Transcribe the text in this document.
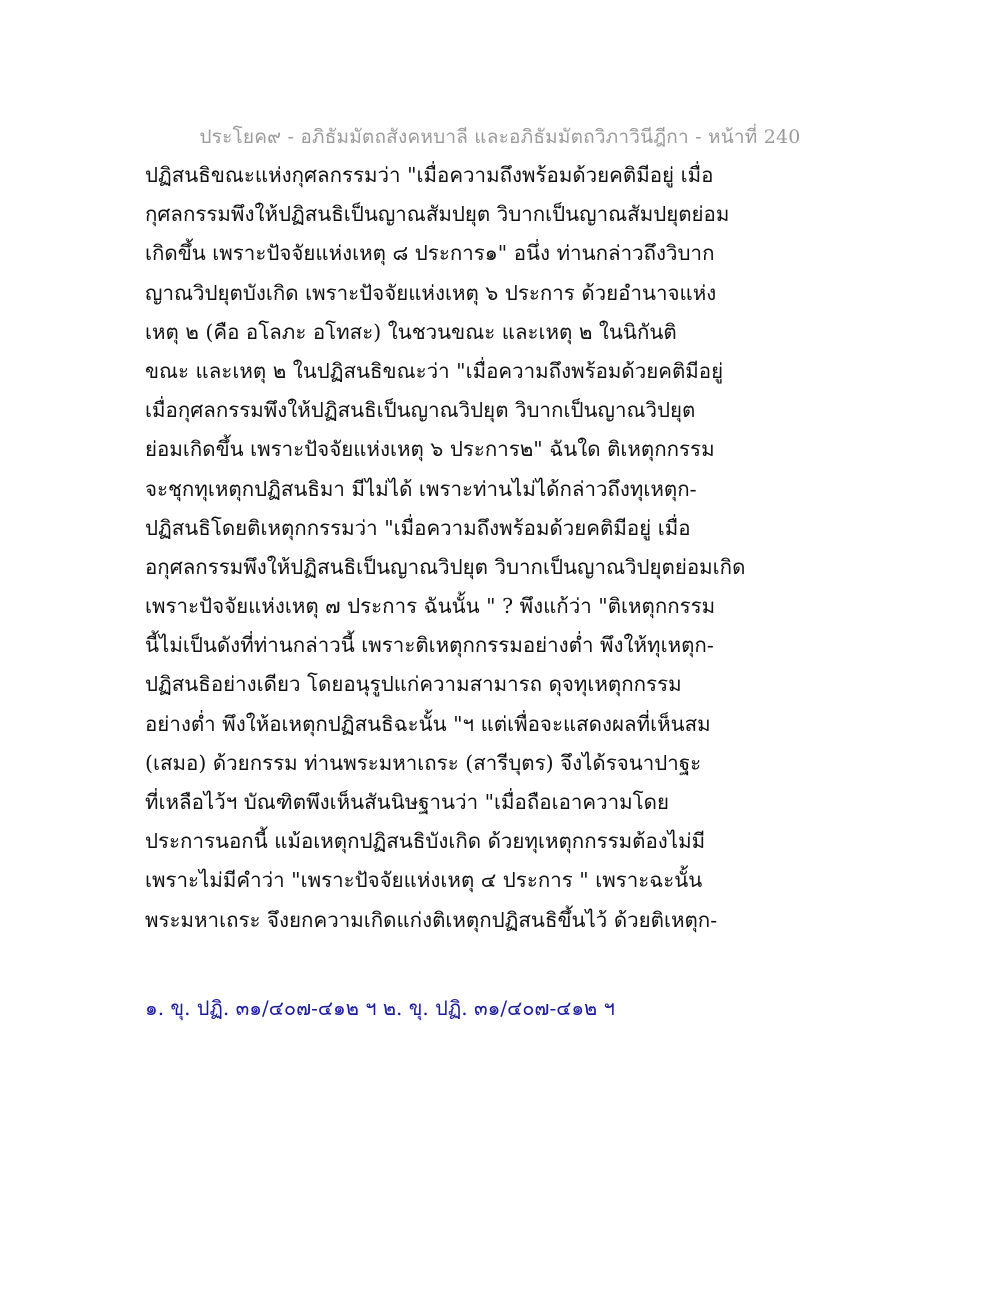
ประโยค๙ - อภิธัมมัตถสังคหบาลี และอภิธัมมัตถวิภาวินีฎีกา - หน้าที่ 240
ปฏิสนธิขณะแห่งกุศลกรรมว่า "เมื่อความถึงพร้อมด้วยคติมีอยู่ เมื่อ
กุศลกรรมพึงให้ปฏิสนธิเป็นญาณสัมปยุต วิบากเป็นญาณสัมปยุตย่อม
เกิดขึ้น เพราะปัจจัยแห่งเหตุ ๘ ประการ๑" อนึ่ง ท่านกล่าวถึงวิบาก
ญาณวิปยุตบังเกิด เพราะปัจจัยแห่งเหตุ ๖ ประการ ด้วยอำนาจแห่ง
เหตุ ๒ (คือ อโลภะ อโทสะ) ในชวนขณะ และเหตุ ๒ ในนิกันติ
ขณะ และเหตุ ๒ ในปฏิสนธิขณะว่า "เมื่อความถึงพร้อมด้วยคติมีอยู่
เมื่อกุศลกรรมพึงให้ปฏิสนธิเป็นญาณวิปยุต วิบากเป็นญาณวิปยุต
ย่อมเกิดขึ้น เพราะปัจจัยแห่งเหตุ ๖ ประการ๒" ฉันใด ติเหตุกกรรม
จะชุกทุเหตุกปฏิสนธิมา มีไม่ได้ เพราะท่านไม่ได้กล่าวถึงทุเหตุก-
ปฏิสนธิโดยติเหตุกกรรมว่า "เมื่อความถึงพร้อมด้วยคติมีอยู่ เมื่อ
อกุศลกรรมพึงให้ปฏิสนธิเป็นญาณวิปยุต วิบากเป็นญาณวิปยุตย่อมเกิด
เพราะปัจจัยแห่งเหตุ ๗ ประการ ฉันนั้น " ? พึงแก้ว่า "ติเหตุกกรรม
นี้ไม่เป็นดังที่ท่านกล่าวนี้ เพราะติเหตุกกรรมอย่างต่ำ พึงให้ทุเหตุก-
ปฏิสนธิอย่างเดียว โดยอนุรูปแก่ความสามารถ ดุจทุเหตุกกรรม
อย่างต่ำ พึงให้อเหตุกปฏิสนธิฉะนั้น "ฯ แต่เพื่อจะแสดงผลที่เห็นสม
(เสมอ) ด้วยกรรม ท่านพระมหาเถระ (สารีบุตร) จึงได้รจนาปาฐะ
ที่เหลือไว้ฯ บัณฑิตพึงเห็นสันนิษฐานว่า "เมื่อถือเอาความโดย
ประการนอกนี้ แม้อเหตุกปฏิสนธิบังเกิด ด้วยทุเหตุกกรรมต้องไม่มี
เพราะไม่มีคำว่า "เพราะปัจจัยแห่งเหตุ ๔ ประการ " เพราะฉะนั้น
พระมหาเถระ จึงยกความเกิดแก่งติเหตุกปฏิสนธิขึ้นไว้ ด้วยติเหตุก-
๑. ขุ. ปฏิ. ๓๑/๔๐๗-๔๑๒ ฯ ๒. ขุ. ปฏิ. ๓๑/๔๐๗-๔๑๒ ฯ
